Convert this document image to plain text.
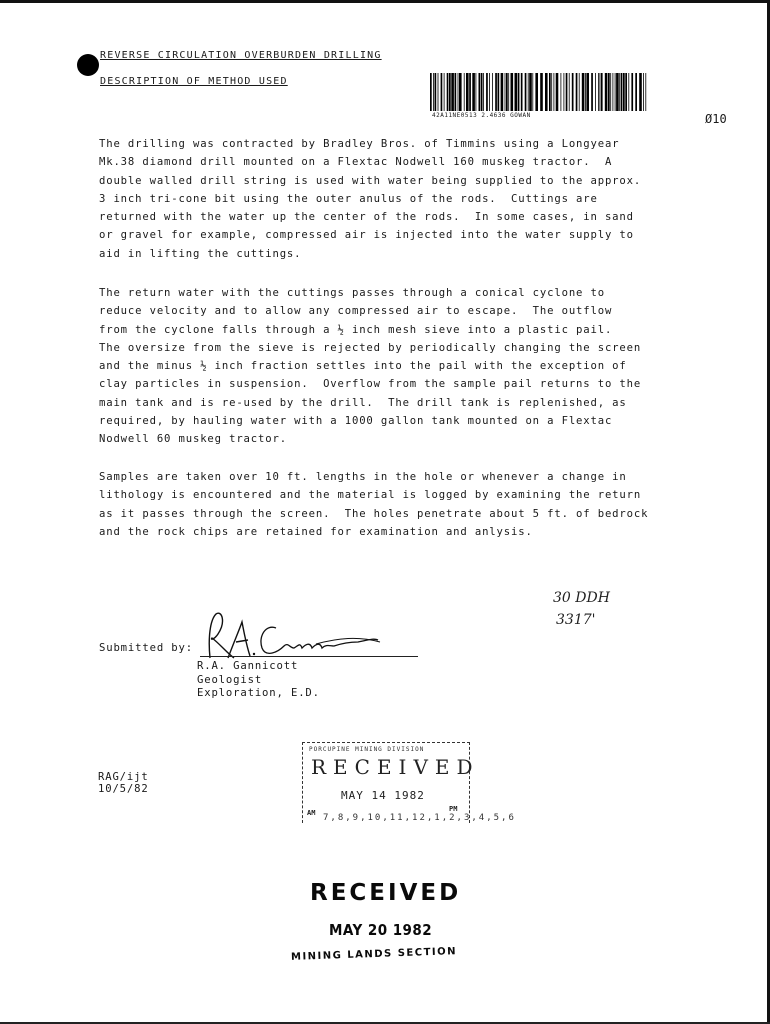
REVERSE CIRCULATION OVERBURDEN DRILLING
DESCRIPTION OF METHOD USED
42A11NE0513 2.4636 GOWAN	Ø10
The drilling was contracted by Bradley Bros. of Timmins using a Longyear
Mk.38 diamond drill mounted on a Flextac Nodwell 160 muskeg tractor.  A
double walled drill string is used with water being supplied to the approx.
3 inch tri-cone bit using the outer anulus of the rods.  Cuttings are
returned with the water up the center of the rods.  In some cases, in sand
or gravel for example, compressed air is injected into the water supply to
aid in lifting the cuttings.
The return water with the cuttings passes through a conical cyclone to
reduce velocity and to allow any compressed air to escape.  The outflow
from the cyclone falls through a ½ inch mesh sieve into a plastic pail.
The oversize from the sieve is rejected by periodically changing the screen
and the minus ½ inch fraction settles into the pail with the exception of
clay particles in suspension.  Overflow from the sample pail returns to the
main tank and is re-used by the drill.  The drill tank is replenished, as
required, by hauling water with a 1000 gallon tank mounted on a Flextac
Nodwell 60 muskeg tractor.
Samples are taken over 10 ft. lengths in the hole or whenever a change in
lithology is encountered and the material is logged by examining the return
as it passes through the screen.  The holes penetrate about 5 ft. of bedrock
and the rock chips are retained for examination and anlysis.
30 DDH
3317'
Submitted by:
R.A. Gannicott
Geologist
Exploration, E.D.
RAG/ijt
10/5/82
PORCUPINE MINING DIVISION
RECEIVED
MAY 14 1982
AM	PM
7,8,9,10,11,12,1,2,3,4,5,6
RECEIVED
MAY 20 1982
MINING LANDS SECTION
